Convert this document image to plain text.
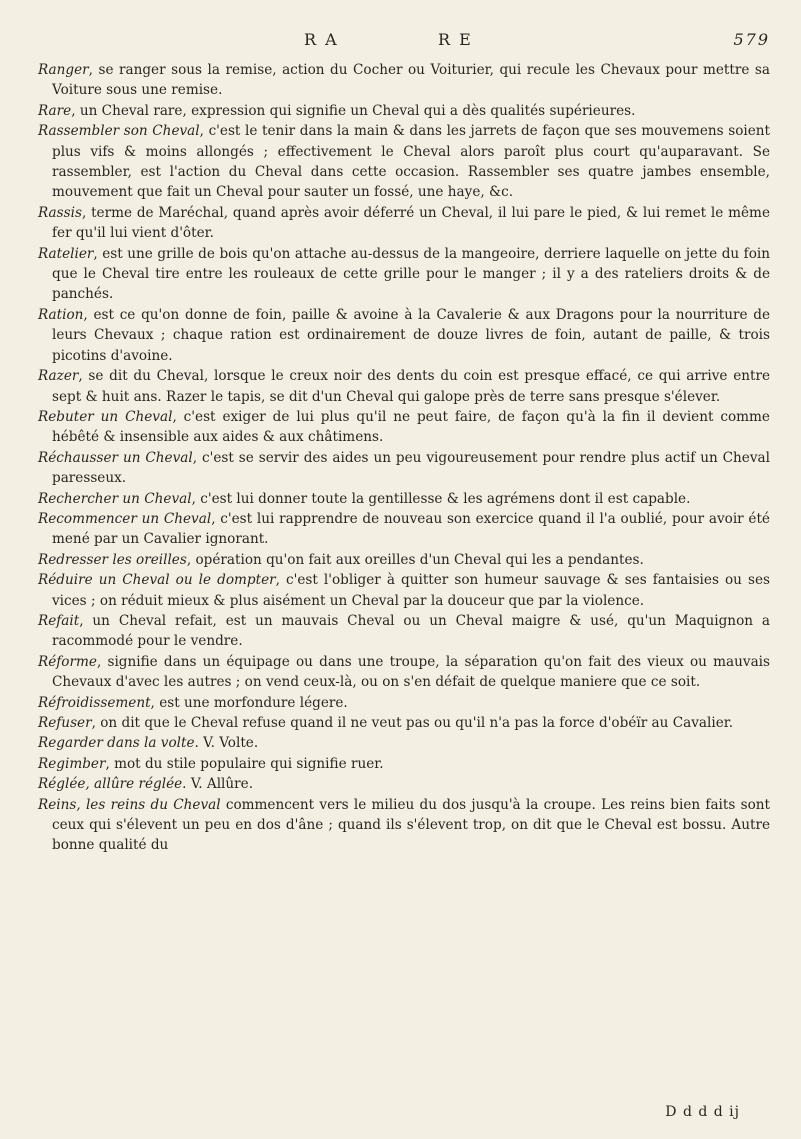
R A	R E	579

Ranger, se ranger sous la remise, action du Cocher ou Voiturier, qui recule les Chevaux pour mettre sa Voiture sous une remise.

Rare, un Cheval rare, expression qui signifie un Cheval qui a dès qualités supérieures.

Rassembler son Cheval, c'est le tenir dans la main & dans les jarrets de façon que ses mouvemens soient plus vifs & moins allongés ; effectivement le Cheval alors paroît plus court qu'auparavant. Se rassembler, est l'action du Cheval dans cette occasion. Rassembler ses quatre jambes ensemble, mouvement que fait un Cheval pour sauter un fossé, une haye, &c.

Rassis, terme de Maréchal, quand après avoir déferré un Cheval, il lui pare le pied, & lui remet le même fer qu'il lui vient d'ôter.

Ratelier, est une grille de bois qu'on attache au-dessus de la mangeoire, derriere laquelle on jette du foin que le Cheval tire entre les rouleaux de cette grille pour le manger ; il y a des rateliers droits & de panchés.

Ration, est ce qu'on donne de foin, paille & avoine à la Cavalerie & aux Dragons pour la nourriture de leurs Chevaux ; chaque ration est ordinairement de douze livres de foin, autant de paille, & trois picotins d'avoine.

Razer, se dit du Cheval, lorsque le creux noir des dents du coin est presque effacé, ce qui arrive entre sept & huit ans. Razer le tapis, se dit d'un Cheval qui galope près de terre sans presque s'élever.

Rebuter un Cheval, c'est exiger de lui plus qu'il ne peut faire, de façon qu'à la fin il devient comme hébêté & insensible aux aides & aux châtimens.

Réchausser un Cheval, c'est se servir des aides un peu vigoureusement pour rendre plus actif un Cheval paresseux.

Rechercher un Cheval, c'est lui donner toute la gentillesse & les agrémens dont il est capable.

Recommencer un Cheval, c'est lui rapprendre de nouveau son exercice quand il l'a oublié, pour avoir été mené par un Cavalier ignorant.

Redresser les oreilles, opération qu'on fait aux oreilles d'un Cheval qui les a pendantes.

Réduire un Cheval ou le dompter, c'est l'obliger à quitter son humeur sauvage & ses fantaisies ou ses vices ; on réduit mieux & plus aisément un Cheval par la douceur que par la violence.

Refait, un Cheval refait, est un mauvais Cheval ou un Cheval maigre & usé, qu'un Maquignon a racommodé pour le vendre.

Réforme, signifie dans un équipage ou dans une troupe, la séparation qu'on fait des vieux ou mauvais Chevaux d'avec les autres ; on vend ceux-là, ou on s'en défait de quelque maniere que ce soit.

Réfroidissement, est une morfondure légere.

Refuser, on dit que le Cheval refuse quand il ne veut pas ou qu'il n'a pas la force d'obéïr au Cavalier.

Regarder dans la volte. V. Volte.

Regimber, mot du stile populaire qui signifie ruer.

Réglée, allûre réglée. V. Allûre.

Reins, les reins du Cheval commencent vers le milieu du dos jusqu'à la croupe. Les reins bien faits sont ceux qui s'élevent un peu en dos d'âne ; quand ils s'élevent trop, on dit que le Cheval est bossu. Autre bonne qualité du

D d d d ij
